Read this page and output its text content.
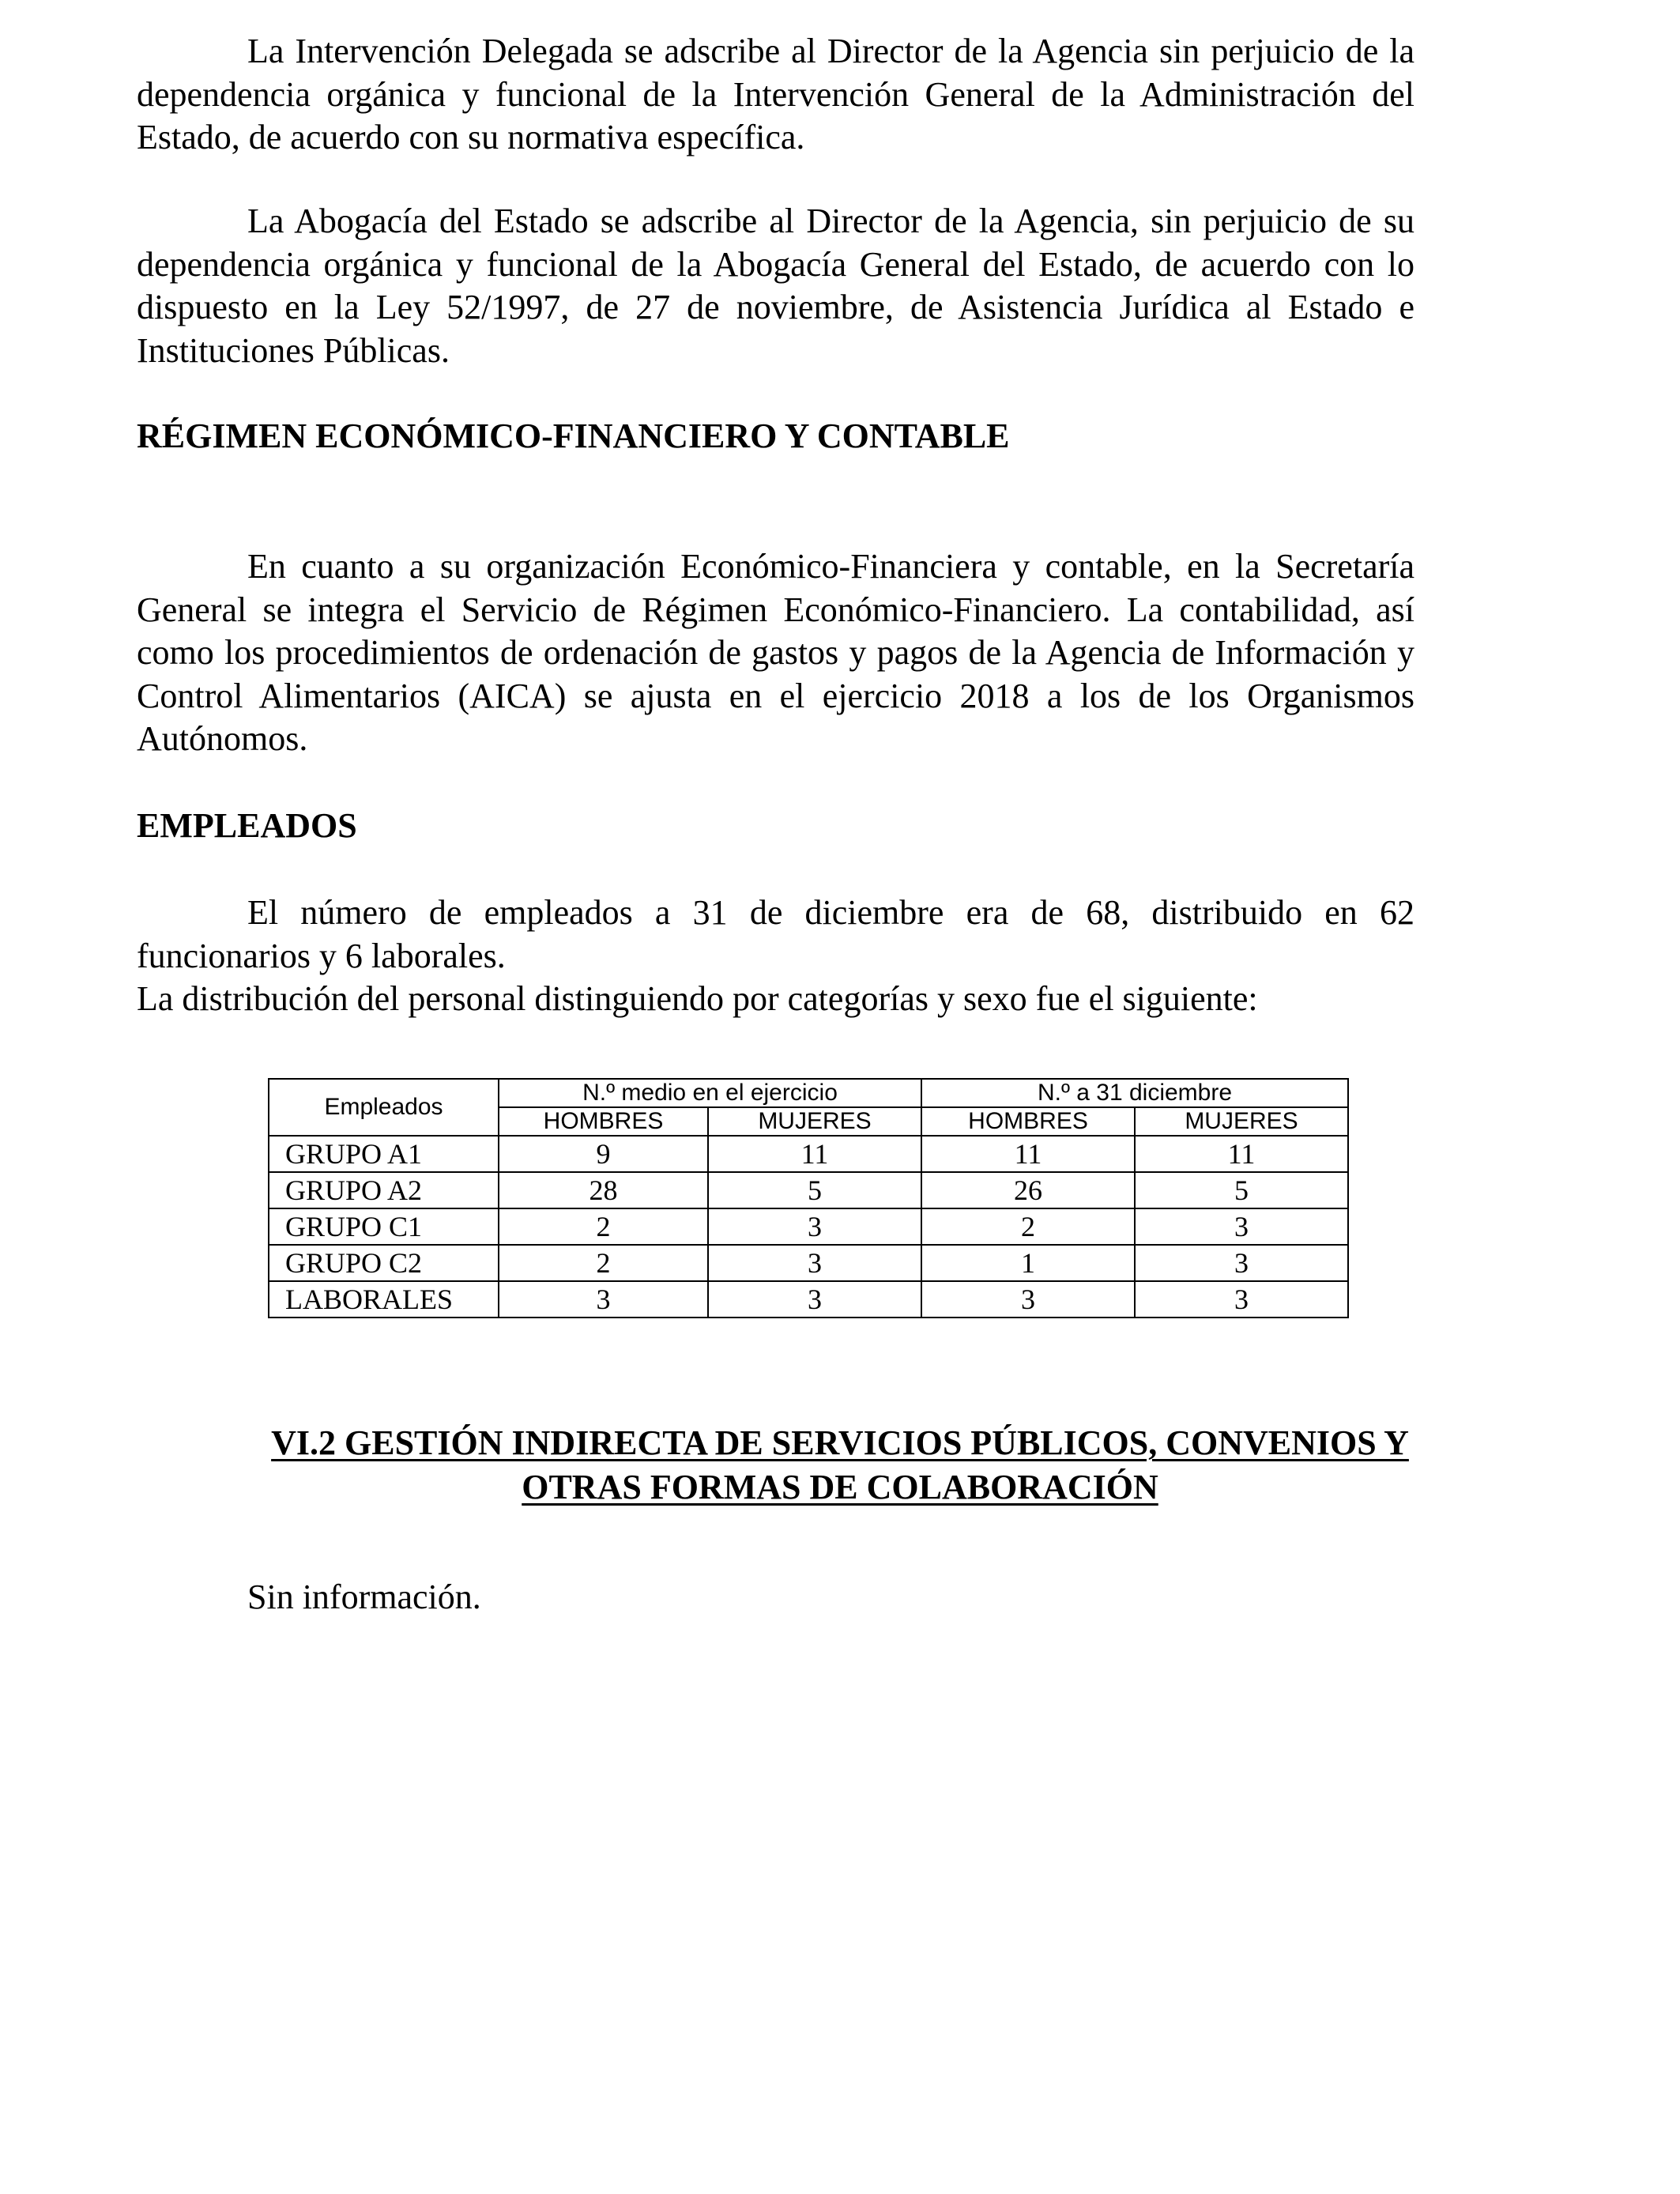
La Intervención Delegada se adscribe al Director de la Agencia sin perjuicio de la dependencia orgánica y funcional de la Intervención General de la Administración del Estado, de acuerdo con su normativa específica.

La Abogacía del Estado se adscribe al Director de la Agencia, sin perjuicio de su dependencia orgánica y funcional de la Abogacía General del Estado, de acuerdo con lo dispuesto en la Ley 52/1997, de 27 de noviembre, de Asistencia Jurídica al Estado e Instituciones Públicas.

RÉGIMEN ECONÓMICO-FINANCIERO Y CONTABLE

En cuanto a su organización Económico-Financiera y contable, en la Secretaría General se integra el Servicio de Régimen Económico-Financiero. La contabilidad, así como los procedimientos de ordenación de gastos y pagos de la Agencia de Información y Control Alimentarios (AICA) se ajusta en el ejercicio 2018 a los de los Organismos Autónomos.

EMPLEADOS

El número de empleados a 31 de diciembre era de 68, distribuido en 62 funcionarios y 6 laborales.

La distribución del personal distinguiendo por categorías y sexo fue el siguiente:

Empleados	N.º medio en el ejercicio		N.º a 31 diciembre	
	HOMBRES	MUJERES	HOMBRES	MUJERES
GRUPO A1	9	11	11	11
GRUPO A2	28	5	26	5
GRUPO C1	2	3	2	3
GRUPO C2	2	3	1	3
LABORALES	3	3	3	3
VI.2 GESTIÓN INDIRECTA DE SERVICIOS PÚBLICOS, CONVENIOS Y
OTRAS FORMAS DE COLABORACIÓN

Sin información.
